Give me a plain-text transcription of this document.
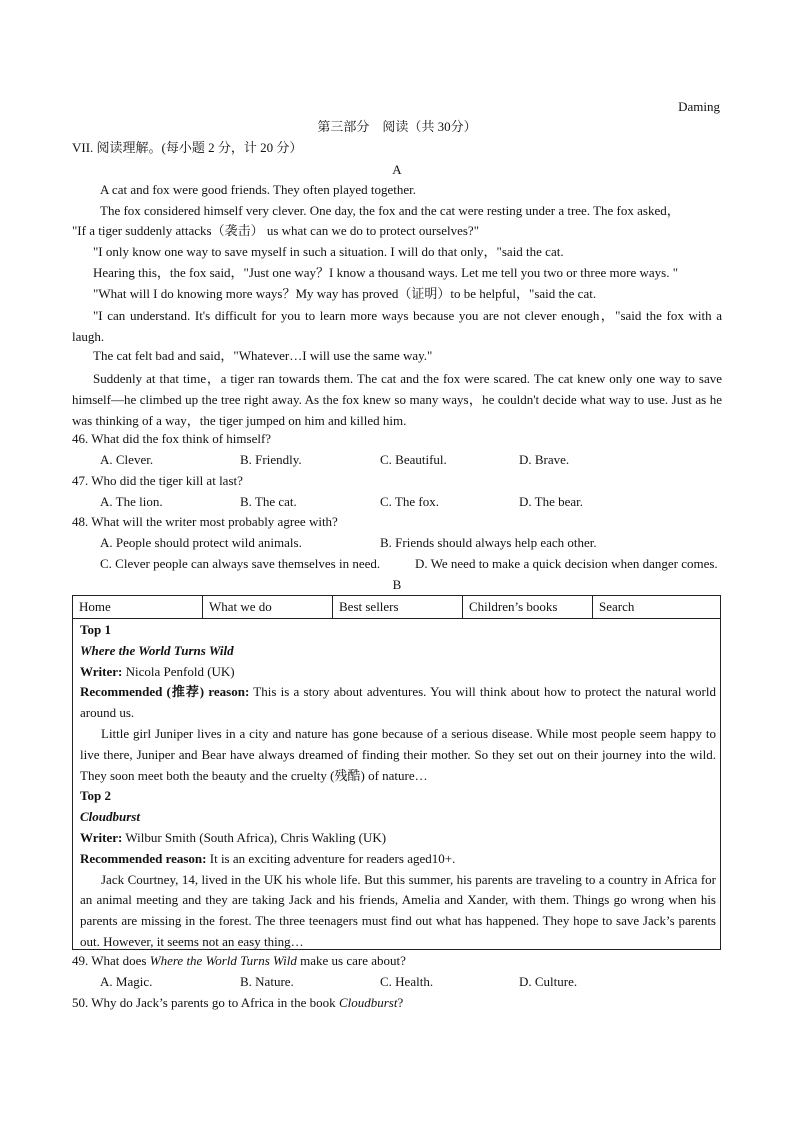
Daming
第三部分　阅读（共 30分）
VII. 阅读理解。(每小题 2 分，计 20 分）
A
A cat and fox were good friends. They often played together.
The fox considered himself very clever. One day, the fox and the cat were resting under a tree. The fox asked，
"If a tiger suddenly attacks（袭击） us what can we do to protect ourselves?"
"I only know one way to save myself in such a situation. I will do that only，"said the cat.
Hearing this，the fox said，"Just one way？I know a thousand ways. Let me tell you two or three more ways. "
"What will I do knowing more ways？My way has proved（证明）to be helpful，"said the cat.
"I can understand. It's difficult for you to learn more ways because you are not clever enough，"said the fox with a laugh.
The cat felt bad and said，"Whatever…I will use the same way."
Suddenly at that time，a tiger ran towards them. The cat and the fox were scared. The cat knew only one way to save himself—he climbed up the tree right away. As the fox knew so many ways，he couldn't decide what way to use. Just as he was thinking of a way，the tiger jumped on him and killed him.
46. What did the fox think of himself?
A. Clever.	B. Friendly.	C. Beautiful.	D. Brave.
47. Who did the tiger kill at last?
A. The lion.	B. The cat.	C. The fox.	D. The bear.
48. What will the writer most probably agree with?
A. People should protect wild animals.	B. Friends should always help each other.
C. Clever people can always save themselves in need.	D. We need to make a quick decision when danger comes.
B
Home	What we do	Best sellers	Children’s books	Search

Top 1

Where the World Turns Wild

Writer: Nicola Penfold (UK)

Recommended (推荐) reason: This is a story about adventures. You will think about how to protect the natural world around us.

Little girl Juniper lives in a city and nature has gone because of a serious disease. While most people seem happy to live there, Juniper and Bear have always dreamed of finding their mother. So they set out on their journey into the wild. They soon meet both the beauty and the cruelty (残酷) of nature…

Top 2

Cloudburst

Writer: Wilbur Smith (South Africa), Chris Wakling (UK)

Recommended reason: It is an exciting adventure for readers aged10+.

Jack Courtney, 14, lived in the UK his whole life. But this summer, his parents are traveling to a country in Africa for an animal meeting and they are taking Jack and his friends, Amelia and Xander, with them. Things go wrong when his parents are missing in the forest. The three teenagers must find out what has happened. They hope to save Jack’s parents out. However, it seems not an easy thing…

49. What does Where the World Turns Wild make us care about?
A. Magic.	B. Nature.	C. Health.	D. Culture.
50. Why do Jack’s parents go to Africa in the book Cloudburst?
